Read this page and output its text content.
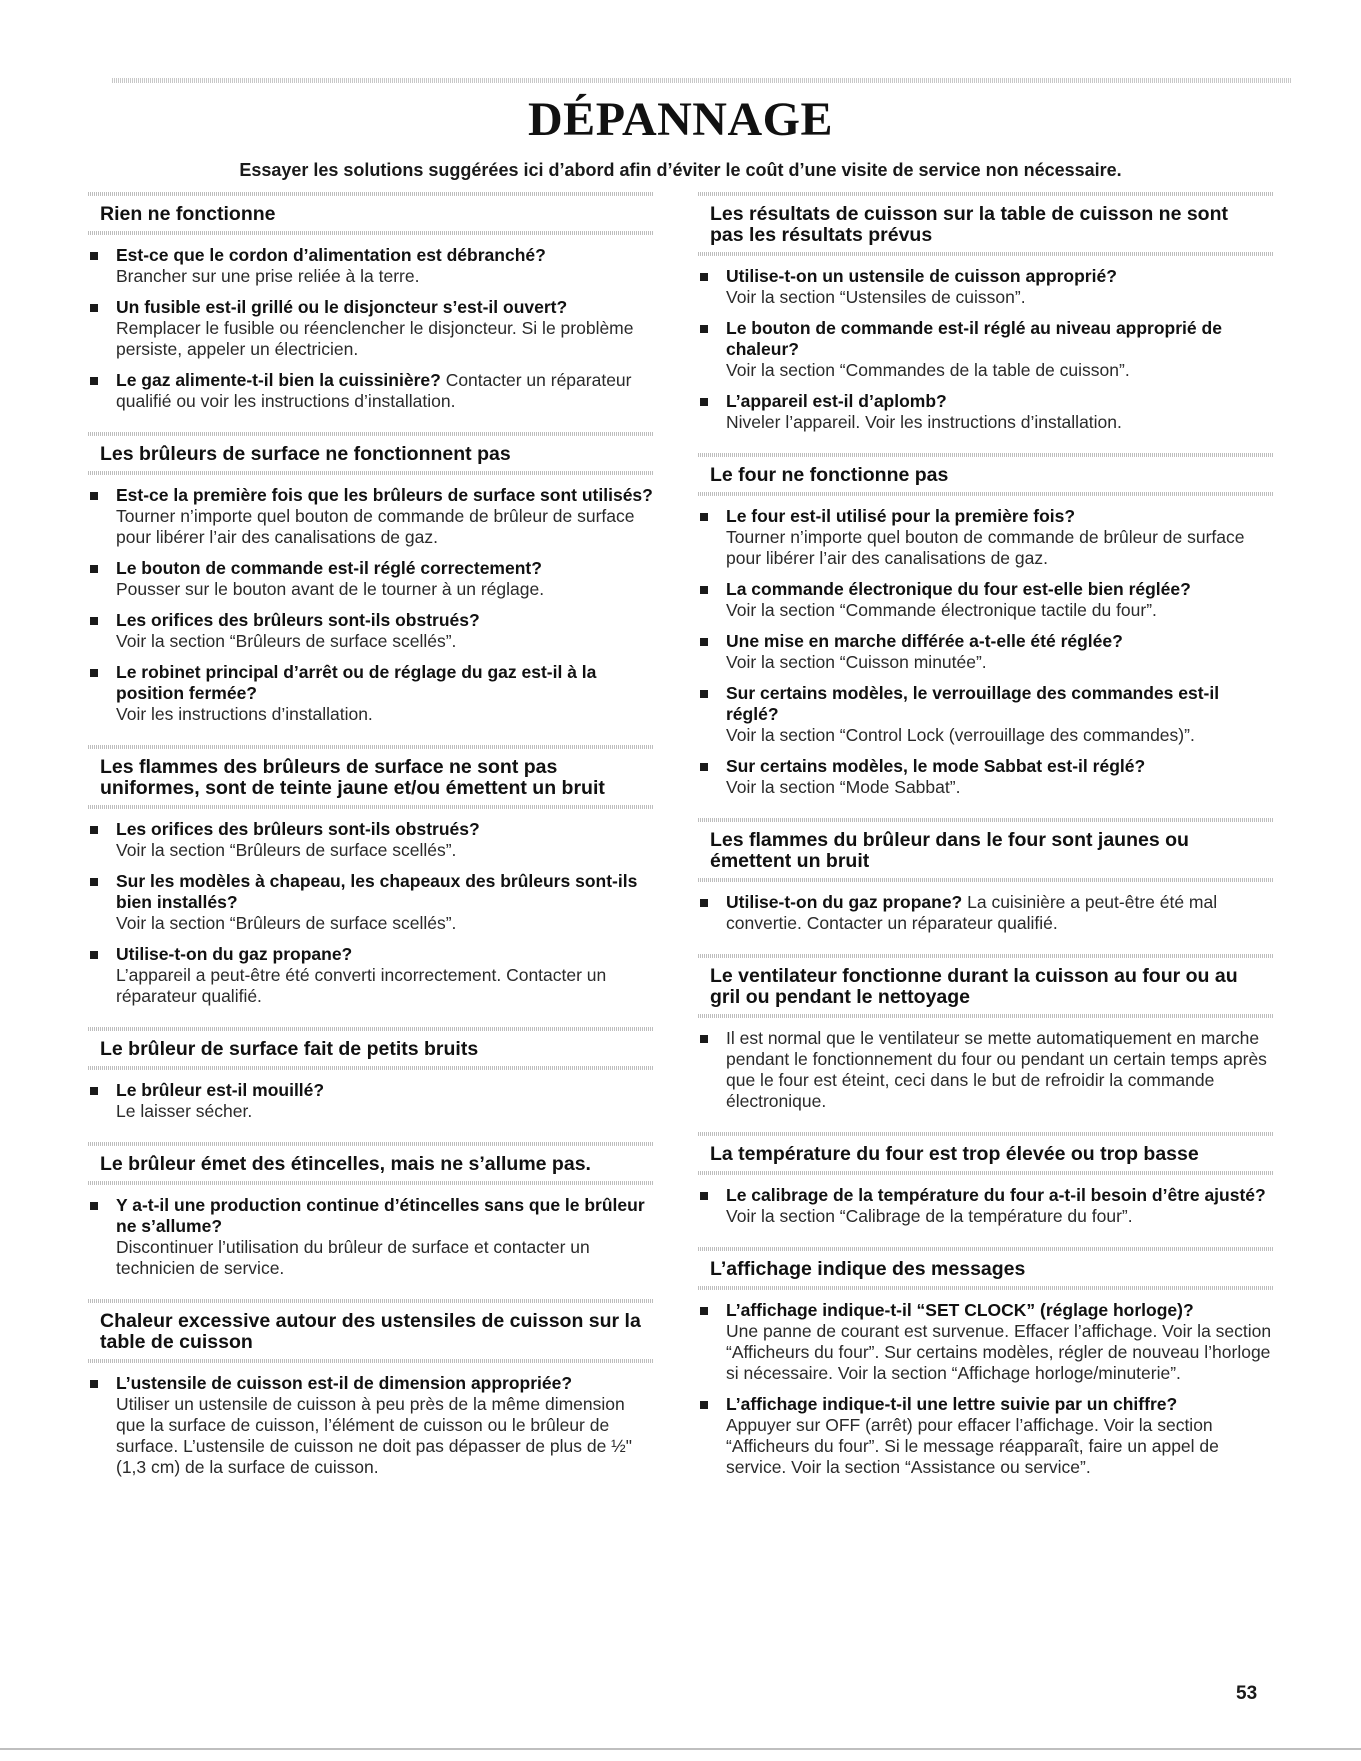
DÉPANNAGE
Essayer les solutions suggérées ici d’abord afin d’éviter le coût d’une visite de service non nécessaire.
Rien ne fonctionne
Est-ce que le cordon d’alimentation est débranché?
Brancher sur une prise reliée à la terre.
Un fusible est-il grillé ou le disjoncteur s’est-il ouvert?
Remplacer le fusible ou réenclencher le disjoncteur. Si le problème persiste, appeler un électricien.
Le gaz alimente-t-il bien la cuissinière? Contacter un réparateur qualifié ou voir les instructions d’installation.
Les brûleurs de surface ne fonctionnent pas
Est-ce la première fois que les brûleurs de surface sont utilisés?
Tourner n’importe quel bouton de commande de brûleur de surface pour libérer l’air des canalisations de gaz.
Le bouton de commande est-il réglé correctement?
Pousser sur le bouton avant de le tourner à un réglage.
Les orifices des brûleurs sont-ils obstrués?
Voir la section “Brûleurs de surface scellés”.
Le robinet principal d’arrêt ou de réglage du gaz est-il à la position fermée?
Voir les instructions d’installation.
Les flammes des brûleurs de surface ne sont pas uniformes, sont de teinte jaune et/ou émettent un bruit
Les orifices des brûleurs sont-ils obstrués?
Voir la section “Brûleurs de surface scellés”.
Sur les modèles à chapeau, les chapeaux des brûleurs sont-ils bien installés?
Voir la section “Brûleurs de surface scellés”.
Utilise-t-on du gaz propane?
L’appareil a peut-être été converti incorrectement. Contacter un réparateur qualifié.
Le brûleur de surface fait de petits bruits
Le brûleur est-il mouillé?
Le laisser sécher.
Le brûleur émet des étincelles, mais ne s’allume pas.
Y a-t-il une production continue d’étincelles sans que le brûleur ne s’allume?
Discontinuer l’utilisation du brûleur de surface et contacter un technicien de service.
Chaleur excessive autour des ustensiles de cuisson sur la table de cuisson
L’ustensile de cuisson est-il de dimension appropriée?
Utiliser un ustensile de cuisson à peu près de la même dimension que la surface de cuisson, l’élément de cuisson ou le brûleur de surface. L’ustensile de cuisson ne doit pas dépasser de plus de ½" (1,3 cm) de la surface de cuisson.
Les résultats de cuisson sur la table de cuisson ne sont pas les résultats prévus
Utilise-t-on un ustensile de cuisson approprié?
Voir la section “Ustensiles de cuisson”.
Le bouton de commande est-il réglé au niveau approprié de chaleur?
Voir la section “Commandes de la table de cuisson”.
L’appareil est-il d’aplomb?
Niveler l’appareil. Voir les instructions d’installation.
Le four ne fonctionne pas
Le four est-il utilisé pour la première fois?
Tourner n’importe quel bouton de commande de brûleur de surface pour libérer l’air des canalisations de gaz.
La commande électronique du four est-elle bien réglée?
Voir la section “Commande électronique tactile du four”.
Une mise en marche différée a-t-elle été réglée?
Voir la section “Cuisson minutée”.
Sur certains modèles, le verrouillage des commandes est-il réglé?
Voir la section “Control Lock (verrouillage des commandes)”.
Sur certains modèles, le mode Sabbat est-il réglé?
Voir la section “Mode Sabbat”.
Les flammes du brûleur dans le four sont jaunes ou émettent un bruit
Utilise-t-on du gaz propane? La cuisinière a peut-être été mal convertie. Contacter un réparateur qualifié.
Le ventilateur fonctionne durant la cuisson au four ou au gril ou pendant le nettoyage
Il est normal que le ventilateur se mette automatiquement en marche pendant le fonctionnement du four ou pendant un certain temps après que le four est éteint, ceci dans le but de refroidir la commande électronique.
La température du four est trop élevée ou trop basse
Le calibrage de la température du four a-t-il besoin d’être ajusté?
Voir la section “Calibrage de la température du four”.
L’affichage indique des messages
L’affichage indique-t-il “SET CLOCK” (réglage horloge)?
Une panne de courant est survenue. Effacer l’affichage. Voir la section “Afficheurs du four”. Sur certains modèles, régler de nouveau l’horloge si nécessaire. Voir la section “Affichage horloge/minuterie”.
L’affichage indique-t-il une lettre suivie par un chiffre?
Appuyer sur OFF (arrêt) pour effacer l’affichage. Voir la section “Afficheurs du four”. Si le message réapparaît, faire un appel de service. Voir la section “Assistance ou service”.
53
